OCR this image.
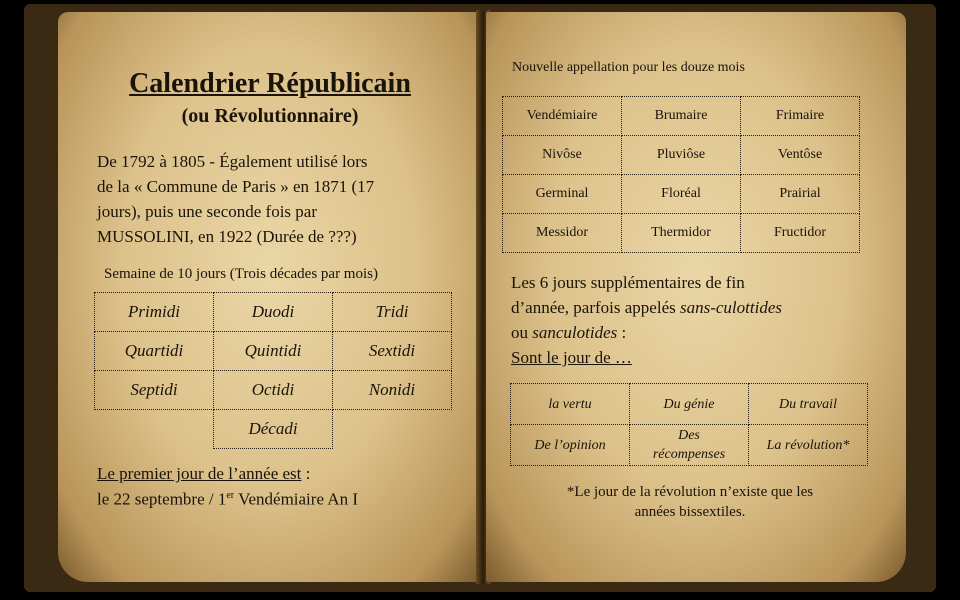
Calendrier Républicain
(ou Révolutionnaire)
De 1792 à 1805 - Également utilisé lors
de la « Commune de Paris » en 1871 (17
jours), puis une seconde fois par
MUSSOLINI, en 1922 (Durée de ???)
Semaine de 10 jours (Trois décades par mois)
Primidi	Duodi	Tridi
Quartidi	Quintidi	Sextidi
Septidi	Octidi	Nonidi
	Décadi	
Le premier jour de l’année est :
le 22 septembre / 1er Vendémiaire An I
Nouvelle appellation pour les douze mois
Vendémiaire	Brumaire	Frimaire
Nivôse	Pluviôse	Ventôse
Germinal	Floréal	Prairial
Messidor	Thermidor	Fructidor
Les 6 jours supplémentaires de fin
d’année, parfois appelés sans-culottides
ou sanculotides :
Sont le jour de …
la vertu	Du génie	Du travail
De l’opinion	Des récompenses	La révolution*
*Le jour de la révolution n’existe que les
années bissextiles.
